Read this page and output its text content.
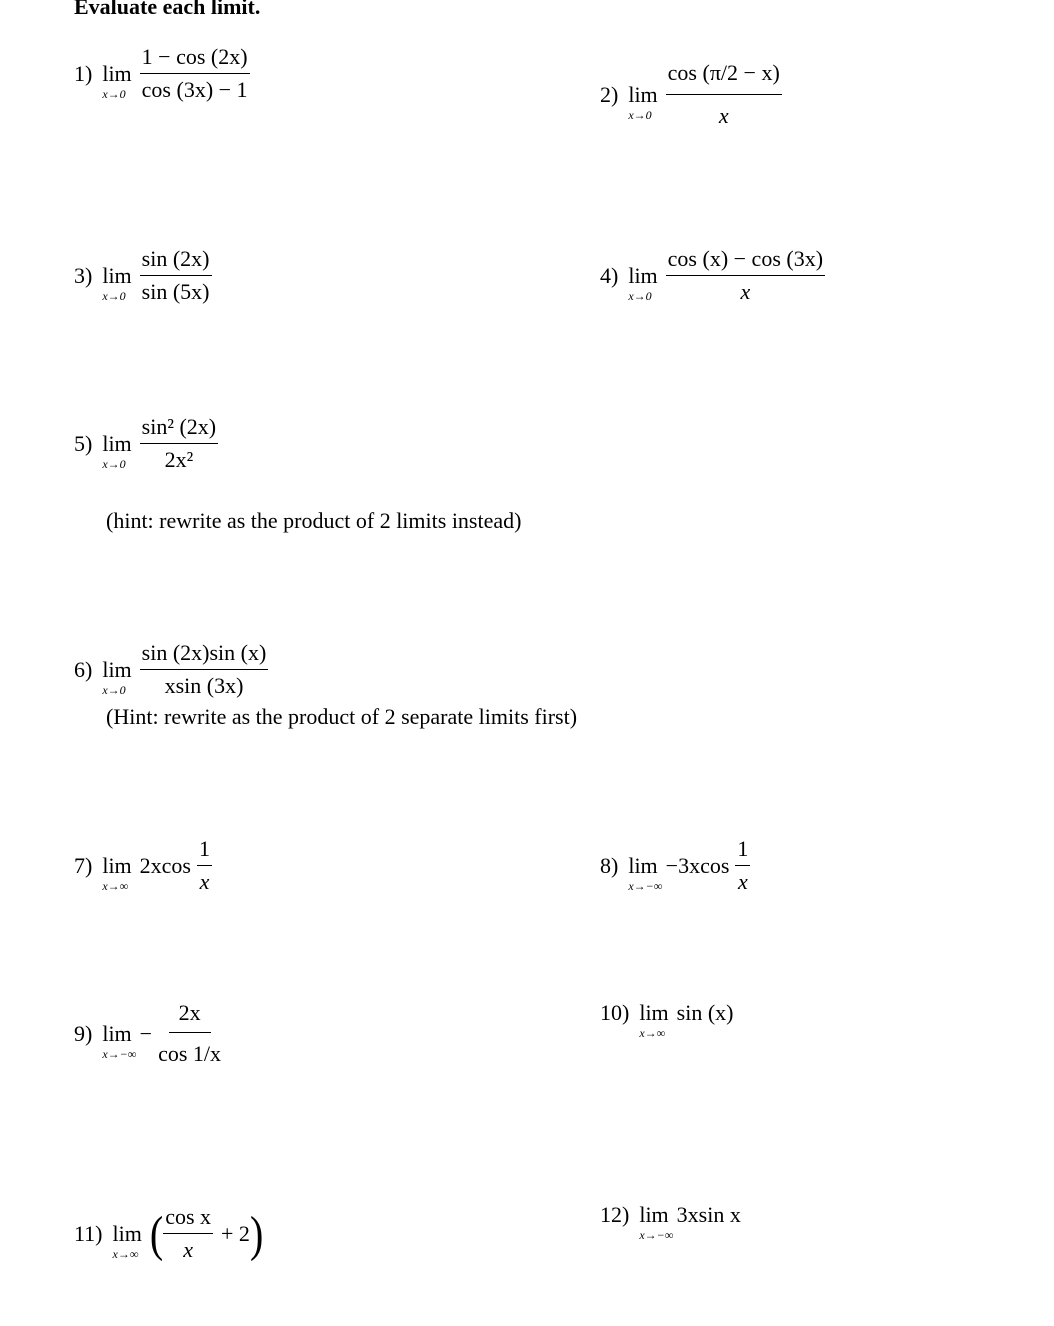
Evaluate each limit.
1) lim
$x\to 0 \frac{1 - \cos (2x)}{\cos (3x) - 1}$	2) lim
$x\to 0 \frac{\cos (\pi/2 - x)}{x}$
3) lim
$x\to 0 \frac{\sin (2x)}{\sin (5x)}$	4) lim
$x\to 0 \frac{\cos (x) - \cos (3x)}{x}$
5) lim
$x\to 0 \frac{\text{sin² (2x)}}{\text{2x²}}$
(hint: rewrite as the product of 2 limits instead)
6) lim
$x\to 0 \frac{\sin (2x)\sin (x)}{xsin (3x)}$
(Hint: rewrite as the product of 2 separate limits first)
7) lim
x→∞
$2xcos \frac{1}{x}$	8) lim
x→−∞
$-3xcos \frac{1}{x}$
9) lim
x→−∞
− $\frac{2x}{\cos 1/x}$	10) lim
x→∞
sin (x)
11) lim
x→∞ ( $\frac{\text{cos x}}{x} + 2$ )	12) lim
x→−∞
3xsin x
